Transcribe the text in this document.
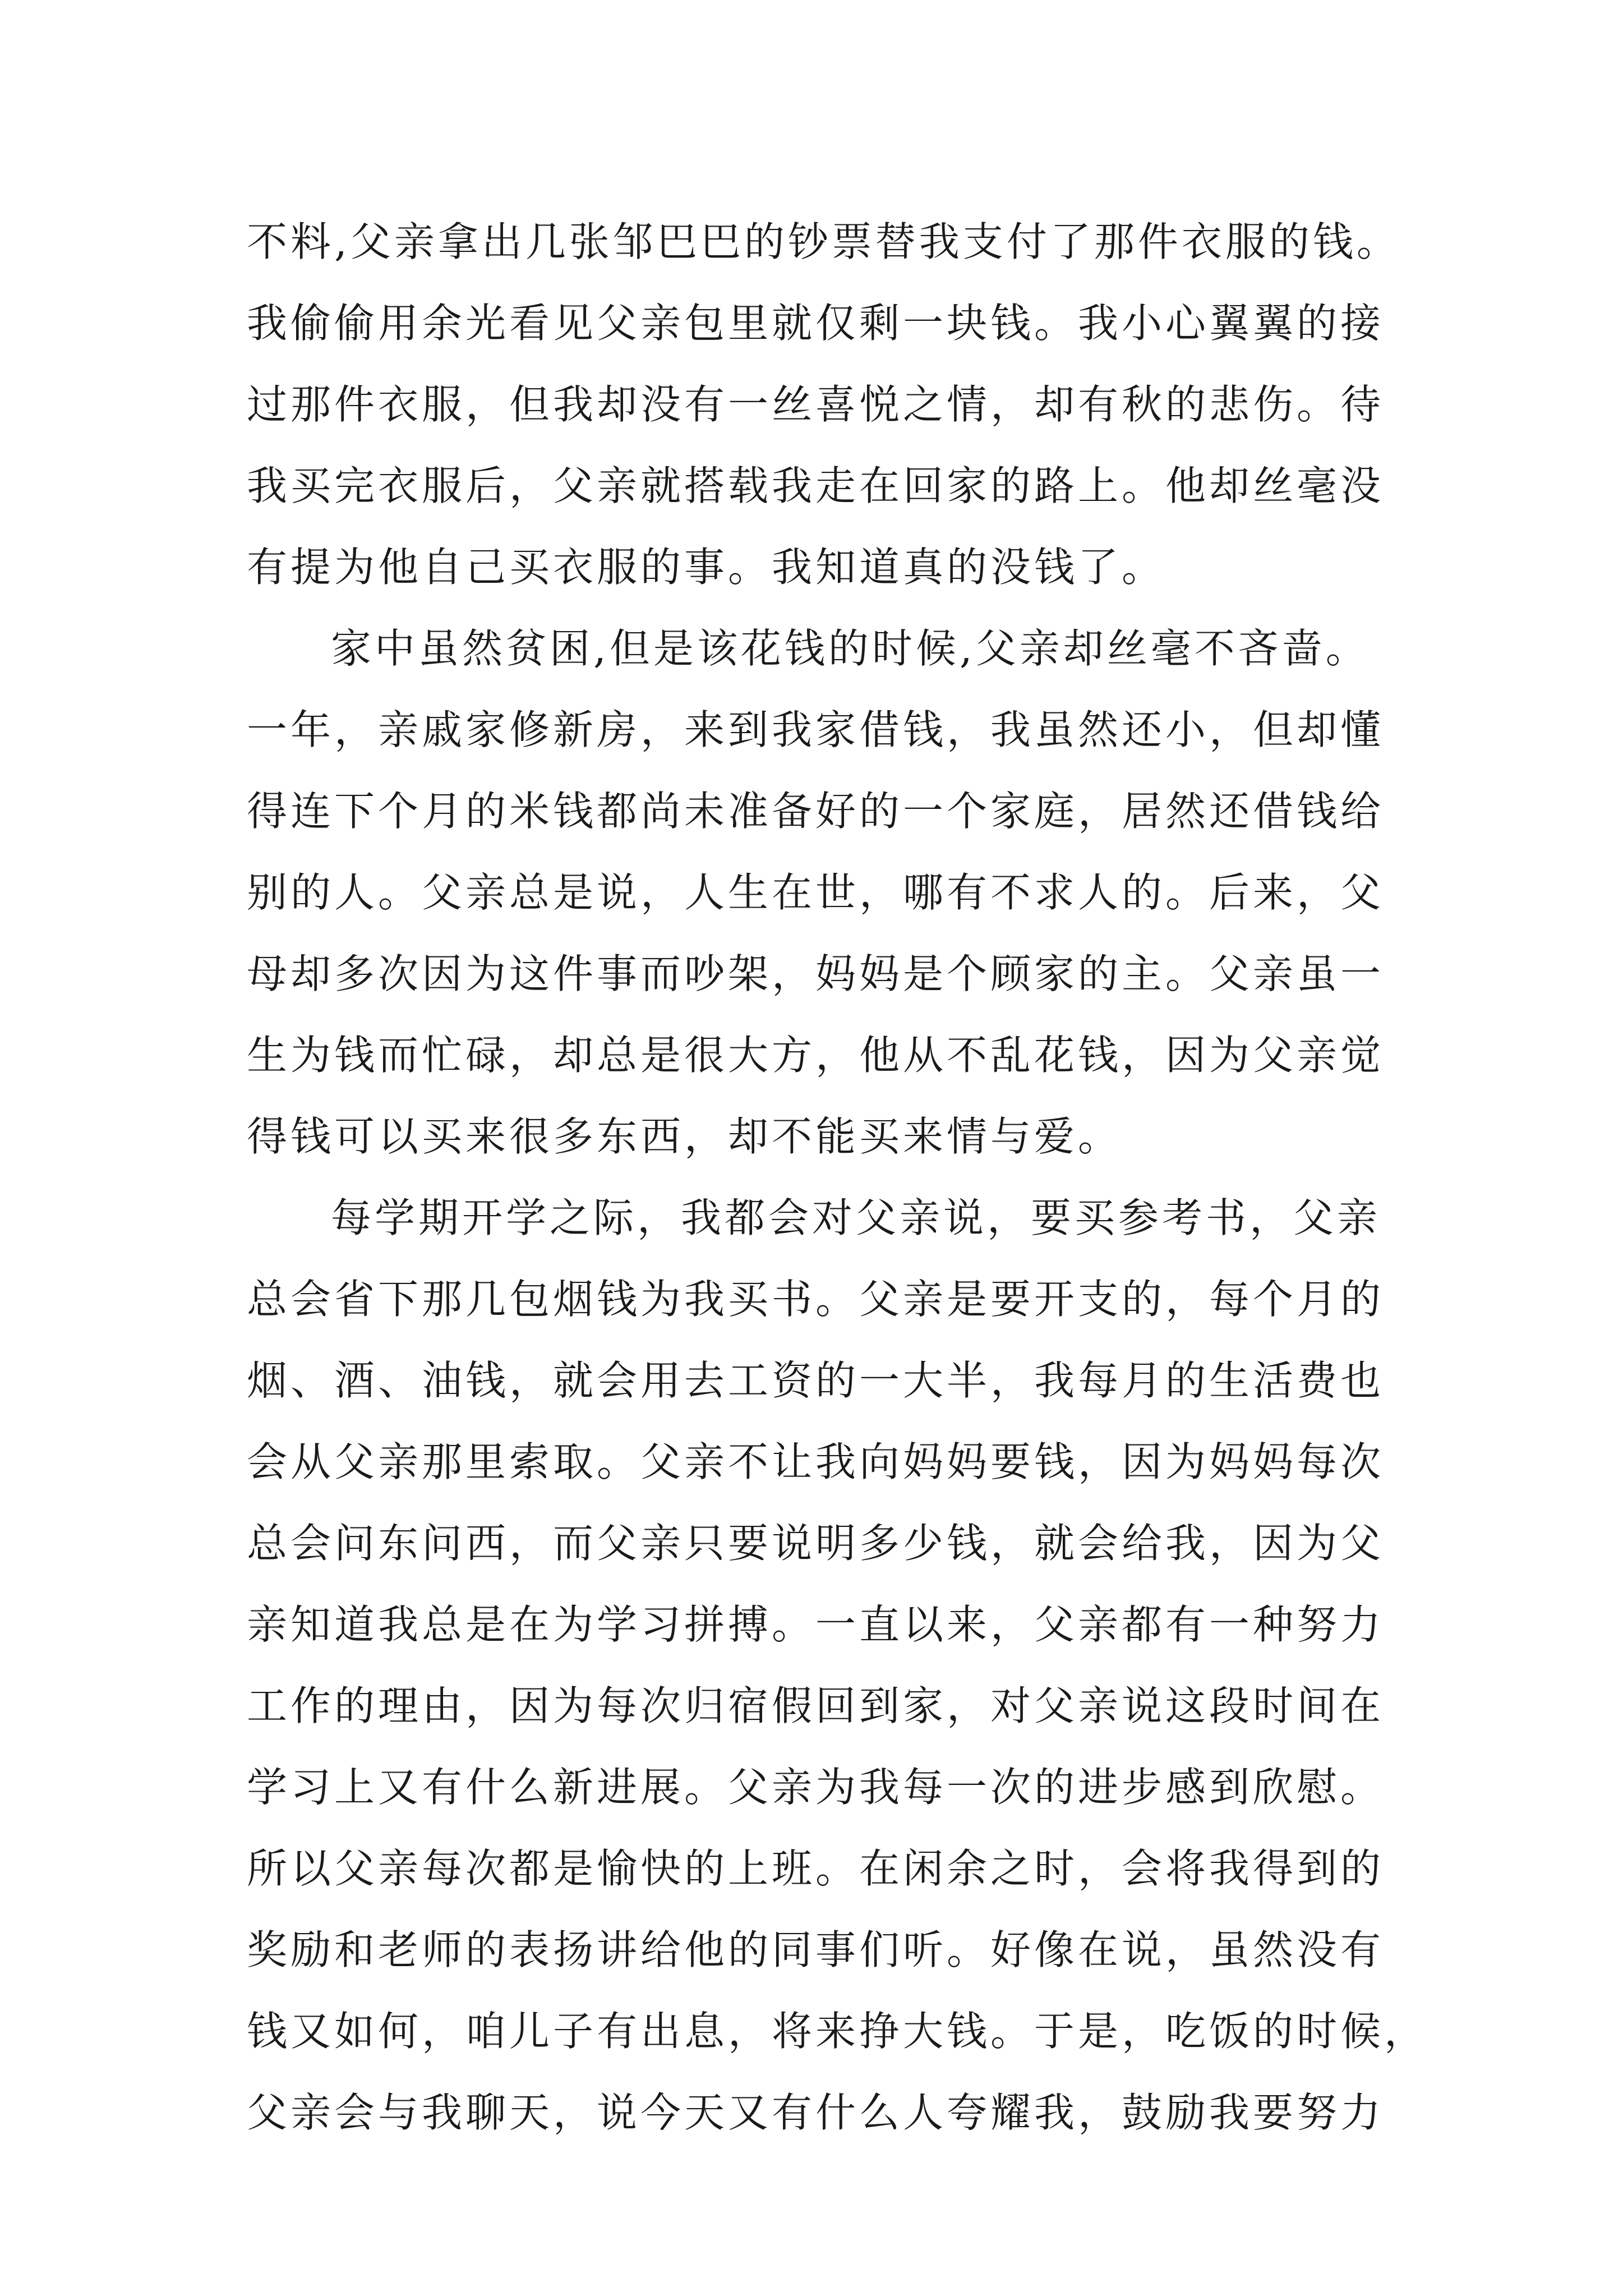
不料,父亲拿出几张邹巴巴的钞票替我支付了那件衣服的钱。
我偷偷用余光看见父亲包里就仅剩一块钱。我小心翼翼的接
过那件衣服，但我却没有一丝喜悦之情，却有秋的悲伤。待
我买完衣服后，父亲就搭载我走在回家的路上。他却丝毫没
有提为他自己买衣服的事。我知道真的没钱了。
家中虽然贫困,但是该花钱的时候,父亲却丝毫不吝啬。
一年，亲戚家修新房，来到我家借钱，我虽然还小，但却懂
得连下个月的米钱都尚未准备好的一个家庭，居然还借钱给
别的人。父亲总是说，人生在世，哪有不求人的。后来，父
母却多次因为这件事而吵架，妈妈是个顾家的主。父亲虽一
生为钱而忙碌，却总是很大方，他从不乱花钱，因为父亲觉
得钱可以买来很多东西，却不能买来情与爱。
每学期开学之际，我都会对父亲说，要买参考书，父亲
总会省下那几包烟钱为我买书。父亲是要开支的，每个月的
烟、酒、油钱，就会用去工资的一大半，我每月的生活费也
会从父亲那里索取。父亲不让我向妈妈要钱，因为妈妈每次
总会问东问西，而父亲只要说明多少钱，就会给我，因为父
亲知道我总是在为学习拼搏。一直以来，父亲都有一种努力
工作的理由，因为每次归宿假回到家，对父亲说这段时间在
学习上又有什么新进展。父亲为我每一次的进步感到欣慰。
所以父亲每次都是愉快的上班。在闲余之时，会将我得到的
奖励和老师的表扬讲给他的同事们听。好像在说，虽然没有
钱又如何，咱儿子有出息，将来挣大钱。于是，吃饭的时候，
父亲会与我聊天，说今天又有什么人夸耀我，鼓励我要努力
